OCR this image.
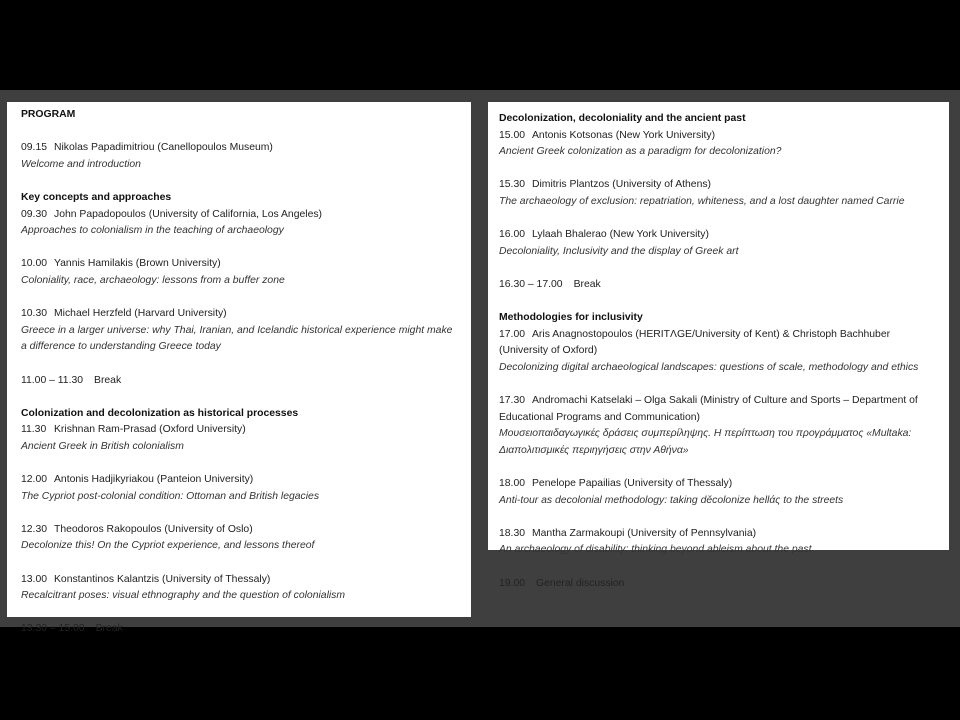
PROGRAM
09.15 Nikolas Papadimitriou (Canellopoulos Museum)
Welcome and introduction
Key concepts and approaches
09.30 John Papadopoulos (University of California, Los Angeles)
Approaches to colonialism in the teaching of archaeology
10.00 Yannis Hamilakis (Brown University)
Coloniality, race, archaeology: lessons from a buffer zone
10.30 Michael Herzfeld (Harvard University)
Greece in a larger universe: why Thai, Iranian, and Icelandic historical experience might make a difference to understanding Greece today
11.00 – 11.30 Break
Colonization and decolonization as historical processes
11.30 Krishnan Ram-Prasad (Oxford University)
Ancient Greek in British colonialism
12.00 Antonis Hadjikyriakou (Panteion University)
The Cypriot post-colonial condition: Ottoman and British legacies
12.30 Theodoros Rakopoulos (University of Oslo)
Decolonize this! On the Cypriot experience, and lessons thereof
13.00 Konstantinos Kalantzis (University of Thessaly)
Recalcitrant poses: visual ethnography and the question of colonialism
13.30 – 15.00 Break
Decolonization, decoloniality and the ancient past
15.00 Antonis Kotsonas (New York University)
Ancient Greek colonization as a paradigm for decolonization?
15.30 Dimitris Plantzos (University of Athens)
The archaeology of exclusion: repatriation, whiteness, and a lost daughter named Carrie
16.00 Lylaah Bhalerao (New York University)
Decoloniality, Inclusivity and the display of Greek art
16.30 – 17.00 Break
Methodologies for inclusivity
17.00 Aris Anagnostopoulos (HERITΛGE/University of Kent) & Christoph Bachhuber (University of Oxford)
Decolonizing digital archaeological landscapes: questions of scale, methodology and ethics
17.30 Andromachi Katselaki – Olga Sakali (Ministry of Culture and Sports – Department of Educational Programs and Communication)
Μουσειοπαιδαγωγικές δράσεις συμπερίληψης. Η περίπτωση του προγράμματος «Multaka: Διαπολιτισμικές περιηγήσεις στην Αθήνα»
18.00 Penelope Papailias (University of Thessaly)
Anti-tour as decolonial methodology: taking dĕcolonize hellάς to the streets
18.30 Mantha Zarmakoupi (University of Pennsylvania)
An archaeology of disability: thinking beyond ableism about the past
19.00 General discussion
